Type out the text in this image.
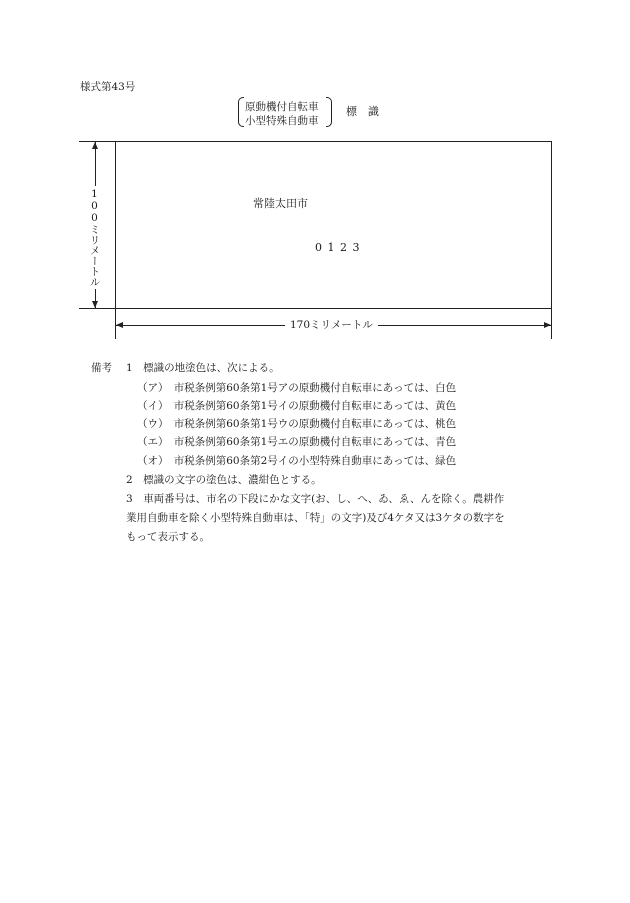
様式第43号
原動機付自転車
小型特殊自動車
標　識
常陸太田市
0 1 2 3
100ミリメートル
170ミリメートル
備考 1　標識の地塗色は、次による。
（ア）　市税条例第60条第1号アの原動機付自転車にあっては、白色
（イ）　市税条例第60条第1号イの原動機付自転車にあっては、黄色
（ウ）　市税条例第60条第1号ウの原動機付自転車にあっては、桃色
（エ）　市税条例第60条第1号エの原動機付自転車にあっては、青色
（オ）　市税条例第60条第2号イの小型特殊自動車にあっては、緑色
2　標識の文字の塗色は、濃紺色とする。
3　車両番号は、市名の下段にかな文字(お、し、へ、ゐ、ゑ、んを除く。農耕作
業用自動車を除く小型特殊自動車は、「特」の文字)及び4ケタ又は3ケタの数字を
もって表示する。
